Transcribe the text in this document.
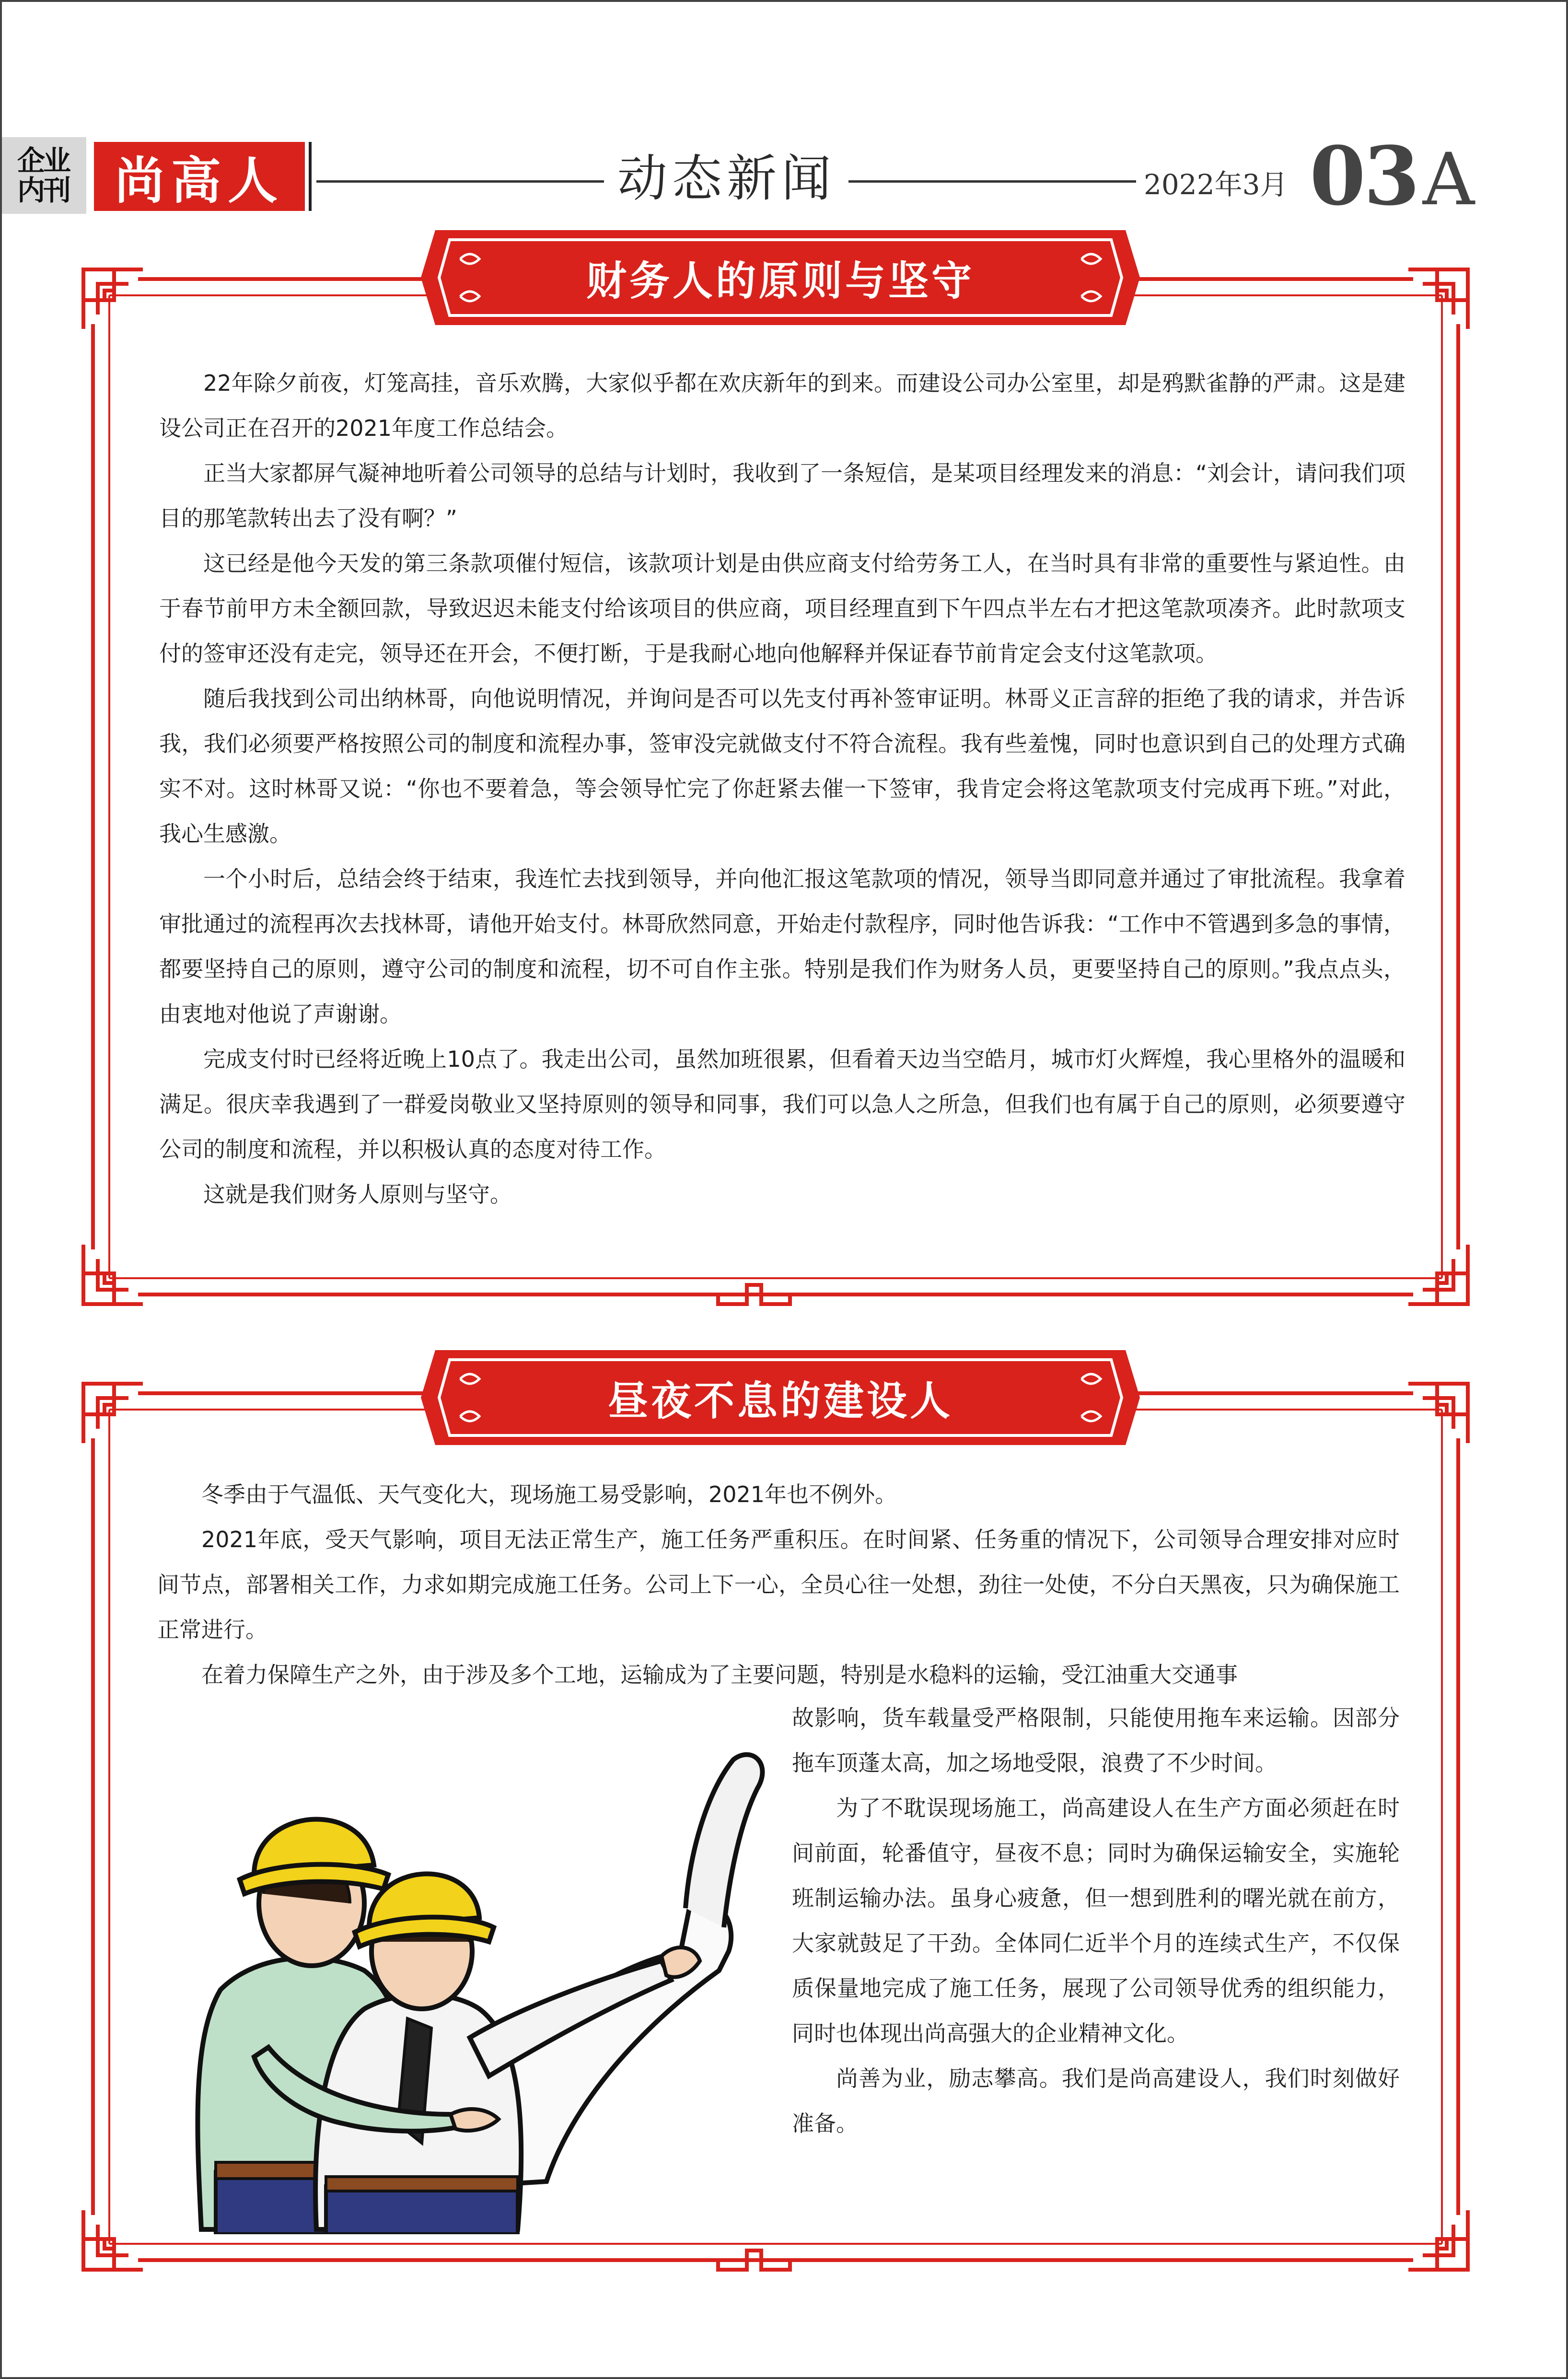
企业内刊 尚高人	动态新闻	2022年3月 03A
财务人的原则与坚守

22年除夕前夜，灯笼高挂，音乐欢腾，大家似乎都在欢庆新年的到来。而建设公司办公室里，却是鸦默雀静的严肃。这是建设公司正在召开的2021年度工作总结会。

正当大家都屏气凝神地听着公司领导的总结与计划时，我收到了一条短信，是某项目经理发来的消息：“刘会计，请问我们项目的那笔款转出去了没有啊？”

这已经是他今天发的第三条款项催付短信，该款项计划是由供应商支付给劳务工人，在当时具有非常的重要性与紧迫性。由于春节前甲方未全额回款，导致迟迟未能支付给该项目的供应商，项目经理直到下午四点半左右才把这笔款项凑齐。此时款项支付的签审还没有走完，领导还在开会，不便打断，于是我耐心地向他解释并保证春节前肯定会支付这笔款项。

随后我找到公司出纳林哥，向他说明情况，并询问是否可以先支付再补签审证明。林哥义正言辞的拒绝了我的请求，并告诉我，我们必须要严格按照公司的制度和流程办事，签审没完就做支付不符合流程。我有些羞愧，同时也意识到自己的处理方式确实不对。这时林哥又说：“你也不要着急，等会领导忙完了你赶紧去催一下签审，我肯定会将这笔款项支付完成再下班。”对此，我心生感激。

一个小时后，总结会终于结束，我连忙去找到领导，并向他汇报这笔款项的情况，领导当即同意并通过了审批流程。我拿着审批通过的流程再次去找林哥，请他开始支付。林哥欣然同意，开始走付款程序，同时他告诉我：“工作中不管遇到多急的事情，都要坚持自己的原则，遵守公司的制度和流程，切不可自作主张。特别是我们作为财务人员，更要坚持自己的原则。”我点点头，由衷地对他说了声谢谢。

完成支付时已经将近晚上10点了。我走出公司，虽然加班很累，但看着天边当空皓月，城市灯火辉煌，我心里格外的温暖和满足。很庆幸我遇到了一群爱岗敬业又坚持原则的领导和同事，我们可以急人之所急，但我们也有属于自己的原则，必须要遵守公司的制度和流程，并以积极认真的态度对待工作。

这就是我们财务人原则与坚守。

昼夜不息的建设人

冬季由于气温低、天气变化大，现场施工易受影响，2021年也不例外。

2021年底，受天气影响，项目无法正常生产，施工任务严重积压。在时间紧、任务重的情况下，公司领导合理安排对应时间节点，部署相关工作，力求如期完成施工任务。公司上下一心，全员心往一处想，劲往一处使，不分白天黑夜，只为确保施工正常进行。

在着力保障生产之外，由于涉及多个工地，运输成为了主要问题，特别是水稳料的运输，受江油重大交通事

故影响，货车载量受严格限制，只能使用拖车来运输。因部分拖车顶蓬太高，加之场地受限，浪费了不少时间。

为了不耽误现场施工，尚高建设人在生产方面必须赶在时间前面，轮番值守，昼夜不息；同时为确保运输安全，实施轮班制运输办法。虽身心疲惫，但一想到胜利的曙光就在前方，大家就鼓足了干劲。全体同仁近半个月的连续式生产，不仅保质保量地完成了施工任务，展现了公司领导优秀的组织能力，同时也体现出尚高强大的企业精神文化。

尚善为业，励志攀高。我们是尚高建设人，我们时刻做好准备。
